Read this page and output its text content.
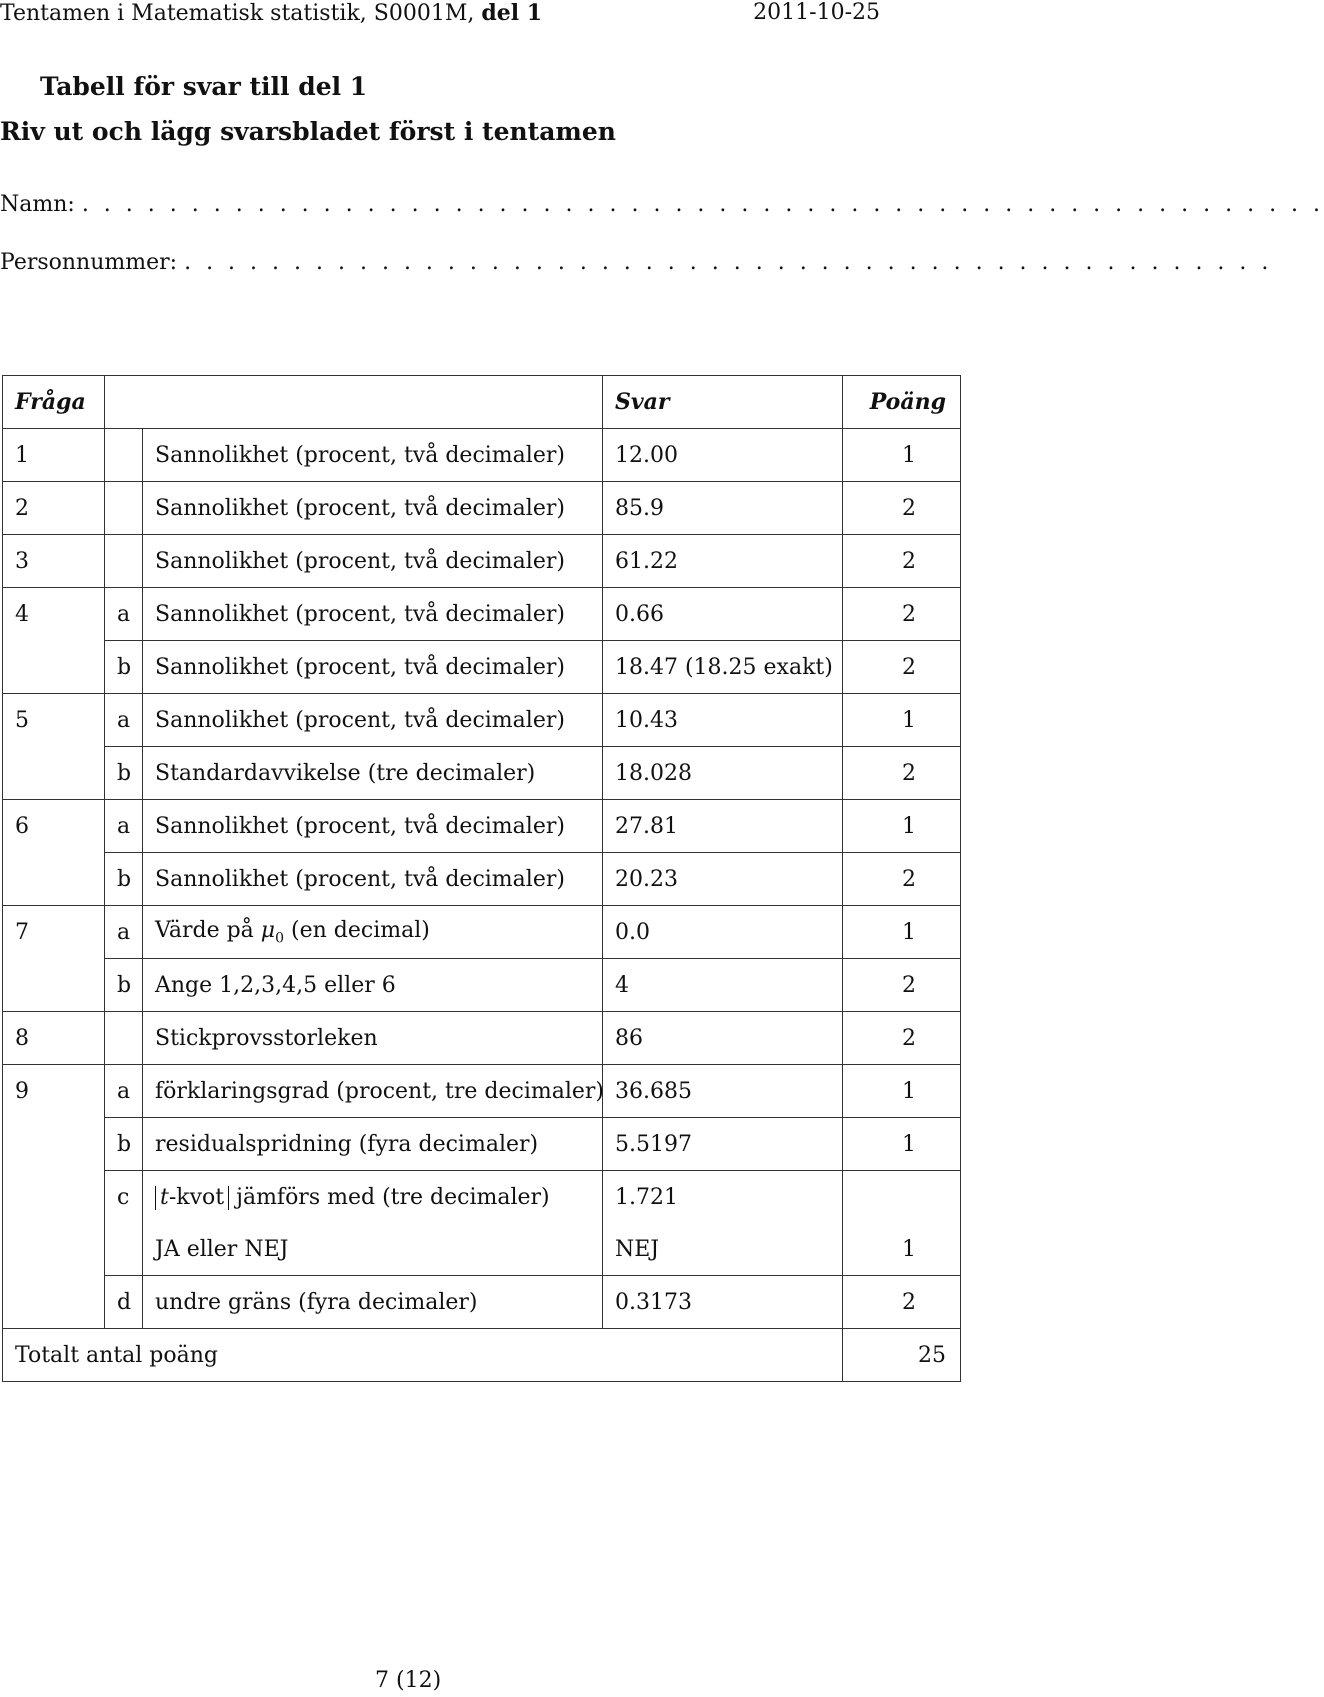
Tentamen i Matematisk statistik, S0001M, del 1	2011-10-25
Tabell för svar till del 1
Riv ut och lägg svarsbladet först i tentamen
Namn: . . . . . . . . . . . . . . . . . . . . . . . . . . . . . . . . . . . . . . . . . . . . . . . . . . . . . . . . .
Personnummer: . . . . . . . . . . . . . . . . . . . . . . . . . . . . . . . . . . . . . . . . . . . . . . . . . .
Fråga			Svar	Poäng
1		Sannolikhet (procent, två decimaler)	12.00	1
2		Sannolikhet (procent, två decimaler)	85.9	2
3		Sannolikhet (procent, två decimaler)	61.22	2
4	a	Sannolikhet (procent, två decimaler)	0.66	2
	b	Sannolikhet (procent, två decimaler)	18.47 (18.25 exakt)	2
5	a	Sannolikhet (procent, två decimaler)	10.43	1
	b	Standardavvikelse (tre decimaler)	18.028	2
6	a	Sannolikhet (procent, två decimaler)	27.81	1
	b	Sannolikhet (procent, två decimaler)	20.23	2
7	a	Värde på $\mu_0$ (en decimal)	0.0	1
	b	Ange 1,2,3,4,5 eller 6	4	2
8		Stickprovsstorleken	86	2
9	a	förklaringsgrad (procent, tre decimaler)	36.685	1
	b	residualspridning (fyra decimaler)	5.5197	1
	c	t-kvot jämförs med (tre decimaler)	1.721	
		JA eller NEJ	NEJ	1
	d	undre gräns (fyra decimaler)	0.3173	2
Totalt antal poäng				25
7 (12)
